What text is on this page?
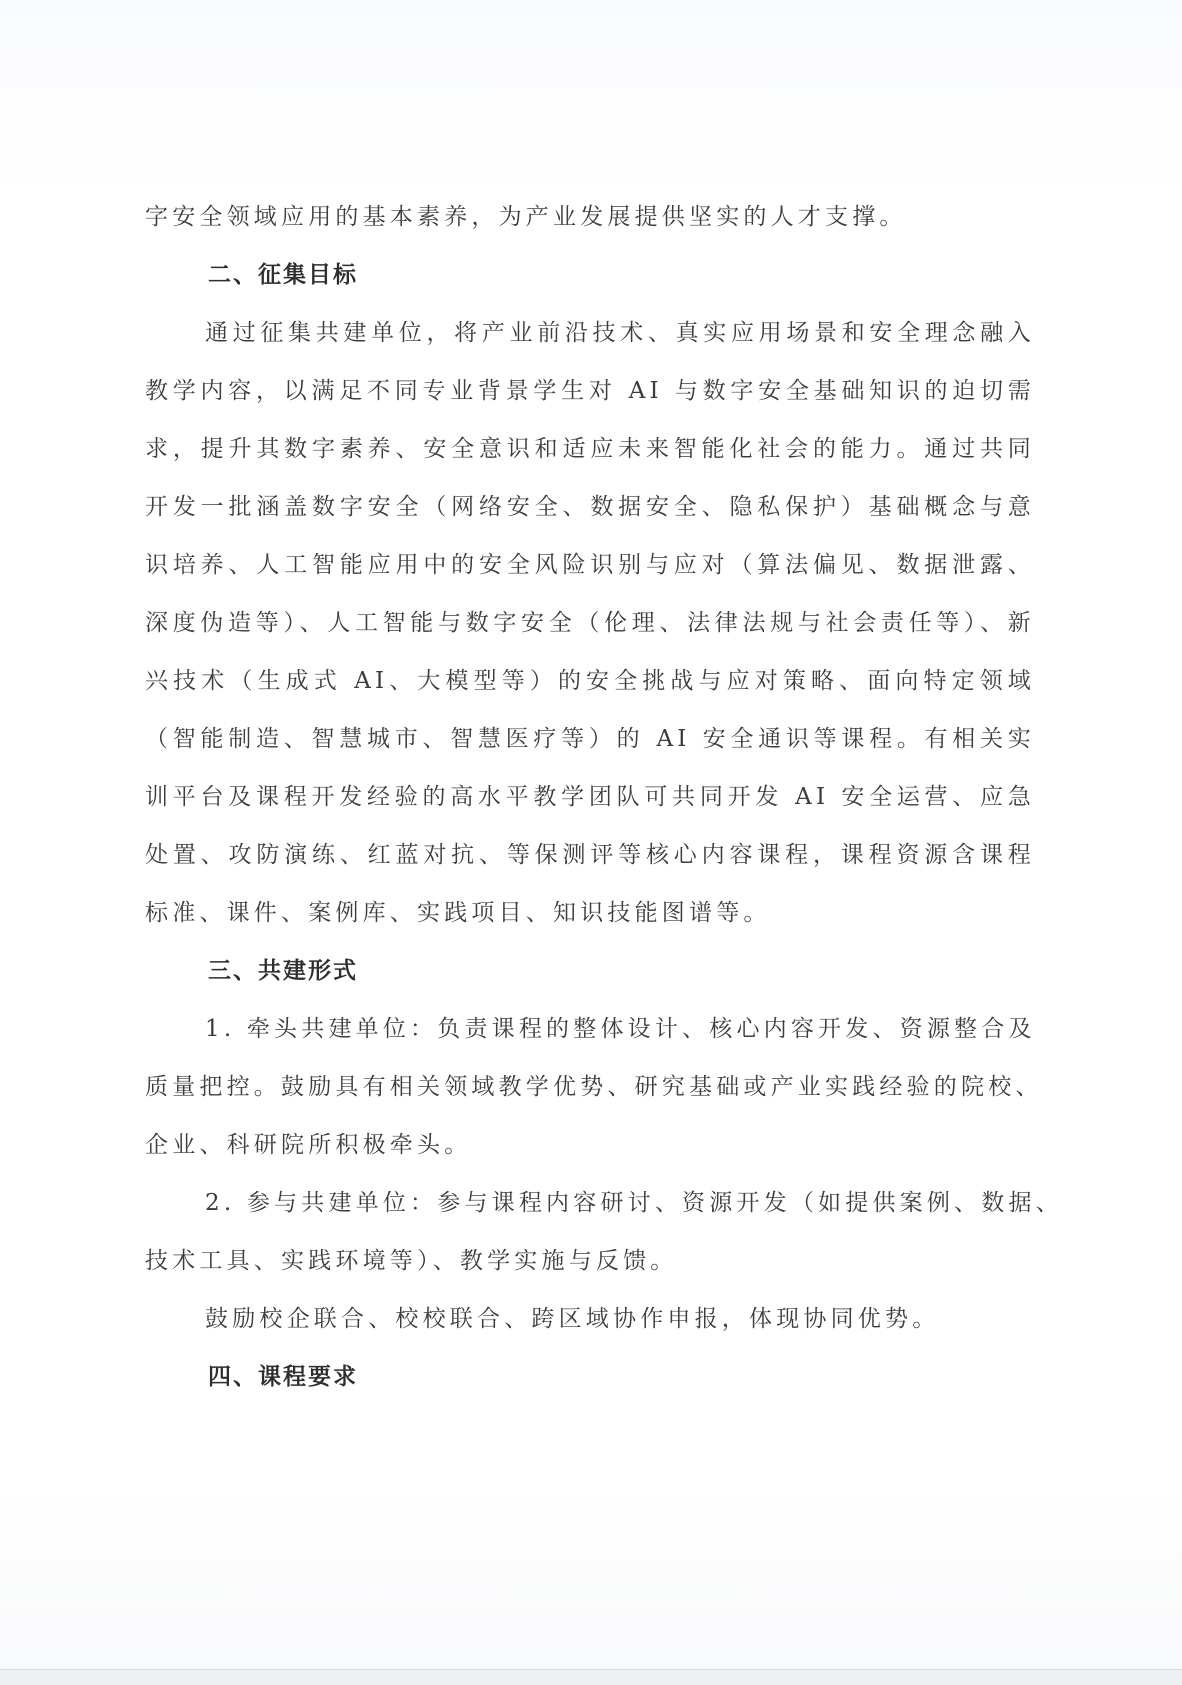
字安全领域应用的基本素养，为产业发展提供坚实的人才支撑。
二、征集目标
通过征集共建单位，将产业前沿技术、真实应用场景和安全理念融入
教学内容，以满足不同专业背景学生对 AI 与数字安全基础知识的迫切需
求，提升其数字素养、安全意识和适应未来智能化社会的能力。通过共同
开发一批涵盖数字安全（网络安全、数据安全、隐私保护）基础概念与意
识培养、人工智能应用中的安全风险识别与应对（算法偏见、数据泄露、
深度伪造等）、人工智能与数字安全（伦理、法律法规与社会责任等）、新
兴技术（生成式 AI、大模型等）的安全挑战与应对策略、面向特定领域
（智能制造、智慧城市、智慧医疗等）的 AI 安全通识等课程。有相关实
训平台及课程开发经验的高水平教学团队可共同开发 AI 安全运营、应急
处置、攻防演练、红蓝对抗、等保测评等核心内容课程，课程资源含课程
标准、课件、案例库、实践项目、知识技能图谱等。
三、共建形式
1. 牵头共建单位：负责课程的整体设计、核心内容开发、资源整合及
质量把控。鼓励具有相关领域教学优势、研究基础或产业实践经验的院校、
企业、科研院所积极牵头。
2. 参与共建单位：参与课程内容研讨、资源开发（如提供案例、数据、
技术工具、实践环境等）、教学实施与反馈。
鼓励校企联合、校校联合、跨区域协作申报，体现协同优势。
四、课程要求
